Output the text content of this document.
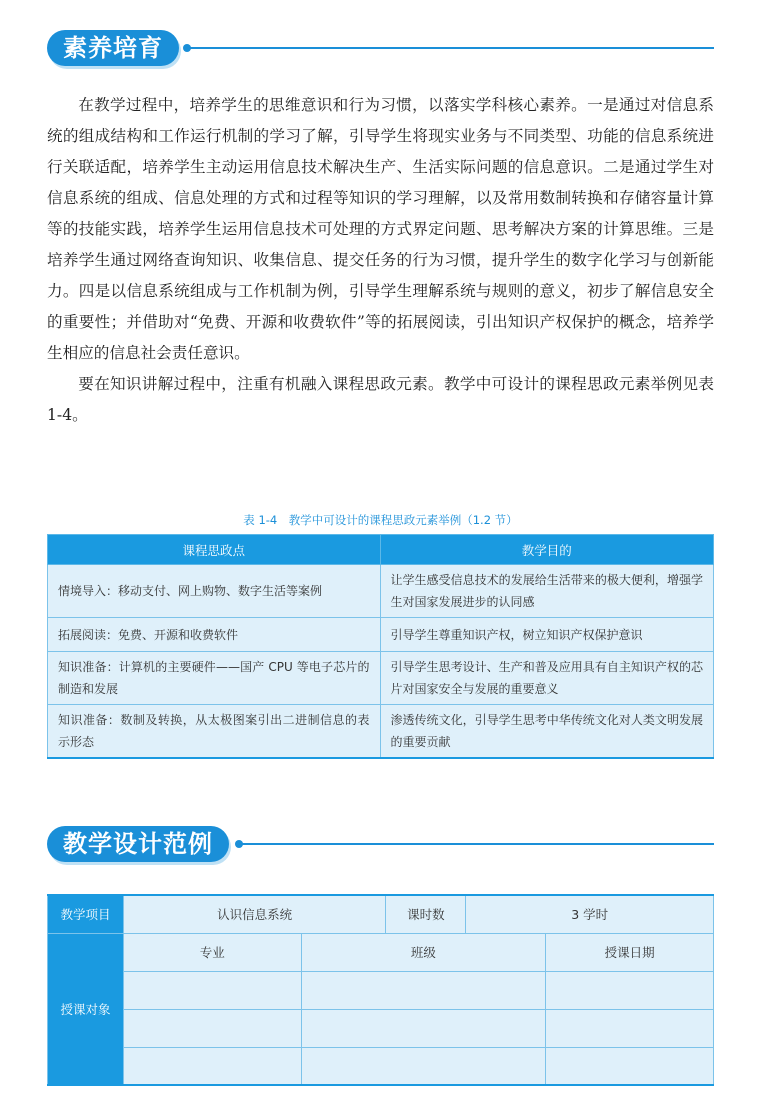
素养培育

在教学过程中，培养学生的思维意识和行为习惯，以落实学科核心素养。一是通过对信息系统的组成结构和工作运行机制的学习了解，引导学生将现实业务与不同类型、功能的信息系统进行关联适配，培养学生主动运用信息技术解决生产、生活实际问题的信息意识。二是通过学生对信息系统的组成、信息处理的方式和过程等知识的学习理解，以及常用数制转换和存储容量计算等的技能实践，培养学生运用信息技术可处理的方式界定问题、思考解决方案的计算思维。三是培养学生通过网络查询知识、收集信息、提交任务的行为习惯，提升学生的数字化学习与创新能力。四是以信息系统组成与工作机制为例，引导学生理解系统与规则的意义，初步了解信息安全的重要性；并借助对“免费、开源和收费软件”等的拓展阅读，引出知识产权保护的概念，培养学生相应的信息社会责任意识。

要在知识讲解过程中，注重有机融入课程思政元素。教学中可设计的课程思政元素举例见表 1-4。

表 1-4　教学中可设计的课程思政元素举例（1.2 节）
课程思政点	教学目的
情境导入：移动支付、网上购物、数字生活等案例	让学生感受信息技术的发展给生活带来的极大便利，增强学生对国家发展进步的认同感
拓展阅读：免费、开源和收费软件	引导学生尊重知识产权，树立知识产权保护意识
知识准备：计算机的主要硬件——国产 CPU 等电子芯片的制造和发展	引导学生思考设计、生产和普及应用具有自主知识产权的芯片对国家安全与发展的重要意义
知识准备：数制及转换，从太极图案引出二进制信息的表示形态	渗透传统文化，引导学生思考中华传统文化对人类文明发展的重要贡献
教学设计范例
教学项目	认识信息系统		课时数	3 学时	
授课对象	专业	班级			授课日期
